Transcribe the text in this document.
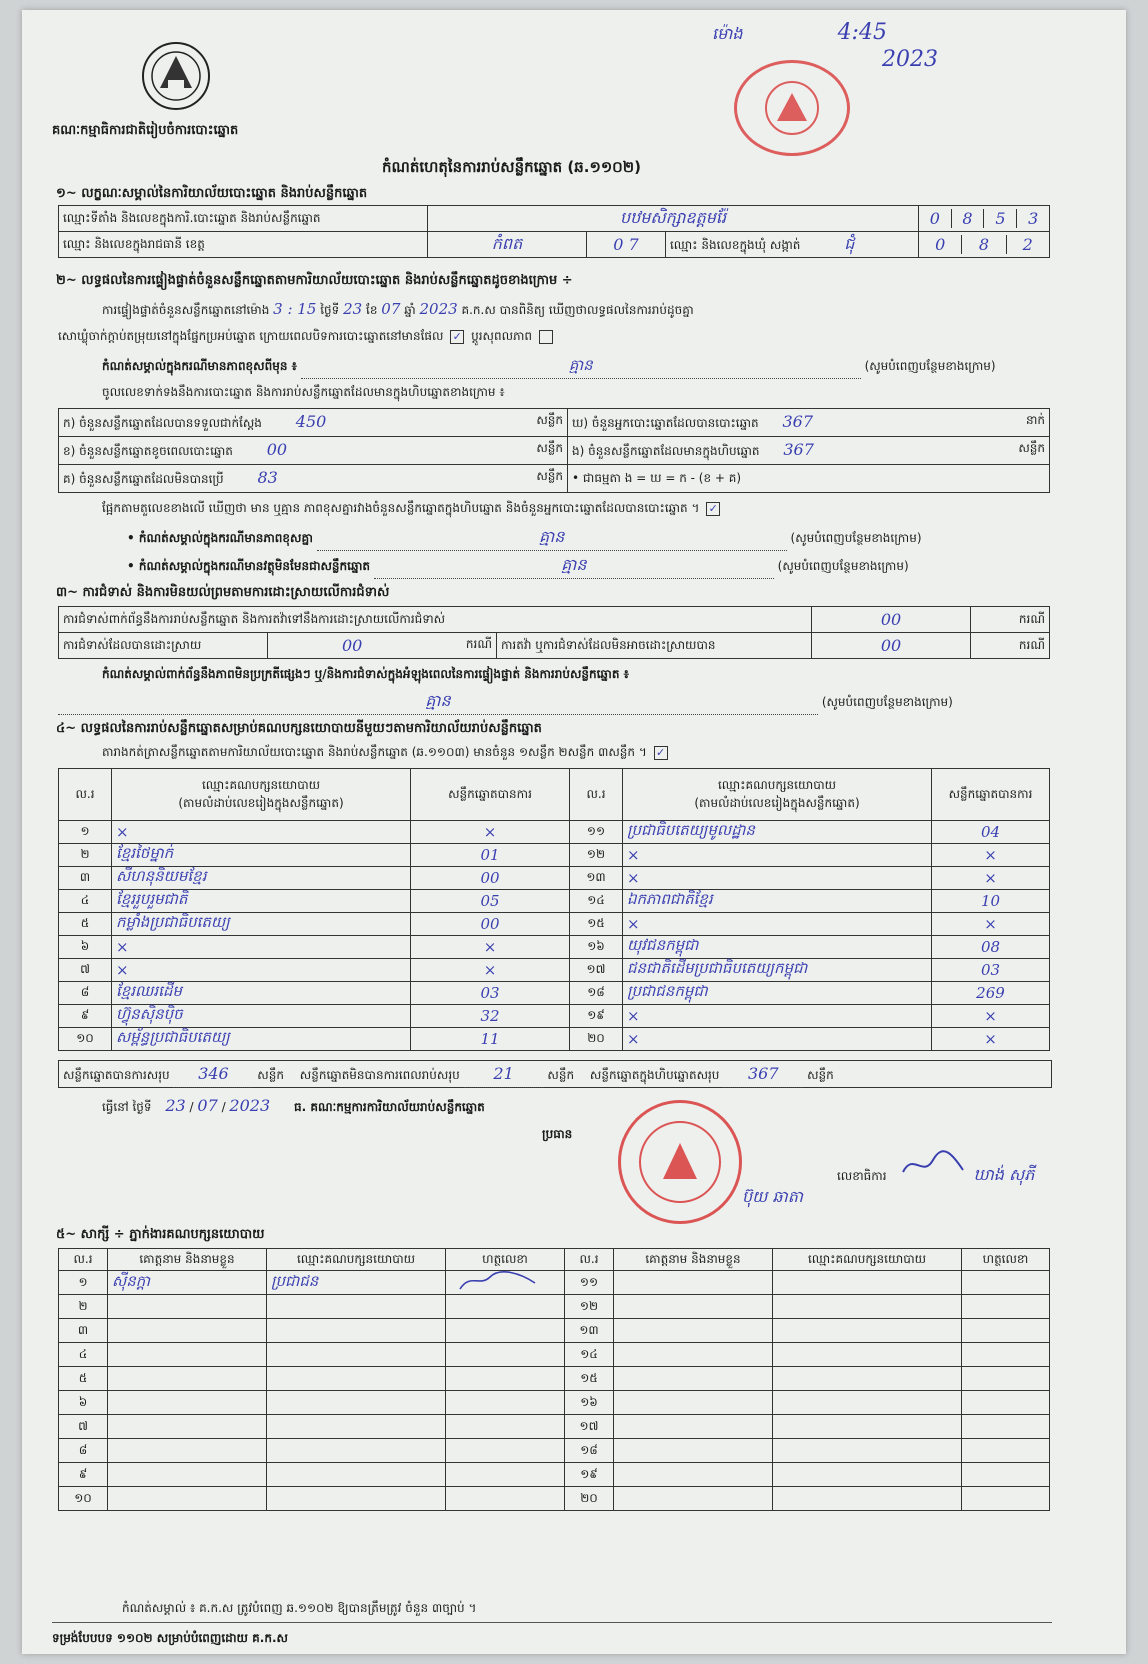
គណៈ​កម្មាធិការជាតិរៀបចំការបោះឆ្នោត
ម៉ោង	4:45
2023
កំណត់ហេតុនៃការរាប់សន្លឹកឆ្នោត (ឆ.១១០២)
១~ លក្ខណៈសម្គាល់នៃការិយាល័យបោះឆ្នោត និងរាប់សន្លឹកឆ្នោត
ឈ្មោះទីតាំង និងលេខក្នុងការិ.បោះឆ្នោត និងរាប់សន្លឹកឆ្នោត	បឋមសិក្សាឧត្តមរ៉ែ		0	8	5	3

ឈ្មោះ និងលេខក្នុងរាជធានី ខេត្ត	កំពត	0 7	ឈ្មោះ និងលេខក្នុងឃុំ សង្កាត់	ជុំ		0	8	2
២~ លទ្ធផលនៃការផ្ទៀងផ្ទាត់ចំនួនសន្លឹកឆ្នោតតាមការិយាល័យបោះឆ្នោត និងរាប់សន្លឹកឆ្នោតដូចខាងក្រោម ÷
ការផ្ទៀងផ្ទាត់ចំនួនសន្លឹកឆ្នោតនៅម៉ោង 3 : 15 ថ្ងៃទី 23 ខែ 07 ឆ្នាំ 2023 គ.ក.ស បានពិនិត្យ ឃើញថាលទ្ធផលនៃការរាប់ដូចគ្នា
សោឃ្លុំចាក់ក្ដាប់តម្រុយនៅក្នុងផ្នែកប្រអប់ឆ្នោត ក្រោយពេលបិទការបោះឆ្នោតនៅមានផែល ✓ ប្ដូរសុពលភាព
កំណត់សម្គាល់ក្នុងករណីមានភាពខុសពីមុន ៖	គ្មាន	(សូមបំពេញបន្ថែមខាងក្រោម)
ចូលលេខទាក់ទងនឹងការបោះឆ្នោត និងការរាប់សន្លឹកឆ្នោតដែលមានក្នុងហិបឆ្នោតខាងក្រោម ៖
ក) ចំនួនសន្លឹកឆ្នោតដែលបានទទួលជាក់ស្តែង 450 សន្លឹក	ឃ) ចំនួនអ្នកបោះឆ្នោតដែលបានបោះឆ្នោត 367 នាក់

ខ) ចំនួនសន្លឹកឆ្នោតខូចពេលបោះឆ្នោត 00 សន្លឹក	ង) ចំនួនសន្លឹកឆ្នោតដែលមានក្នុងហិបឆ្នោត 367 សន្លឹក

គ) ចំនួនសន្លឹកឆ្នោតដែលមិនបានប្រើ 83 សន្លឹក	• ជាធម្មតា ង = ឃ = ក - (ខ + គ)
ផ្អែកតាមតួលេខខាងលើ ឃើញថា មាន ឬគ្មាន ភាពខុសគ្នារវាងចំនួនសន្លឹកឆ្នោតក្នុងហិបឆ្នោត និងចំនួនអ្នកបោះឆ្នោតដែលបានបោះឆ្នោត ។ ✓
• កំណត់សម្គាល់ក្នុងករណីមានភាពខុសគ្នា	គ្មាន	(សូមបំពេញបន្ថែមខាងក្រោម)
• កំណត់សម្គាល់ក្នុងករណីមានវត្ថុមិនមែនជាសន្លឹកឆ្នោត	គ្មាន	(សូមបំពេញបន្ថែមខាងក្រោម)
៣~ ការជំទាស់ និងការមិនយល់ព្រមតាមការដោះស្រាយលើការជំទាស់
ការជំទាស់ពាក់ព័ន្ធនឹងការរាប់សន្លឹកឆ្នោត និងការតវ៉ាទៅនឹងការដោះស្រាយលើការជំទាស់			00	ករណី
ការជំទាស់ដែលបានដោះស្រាយ	00 ករណី	ការតវ៉ា ឬការជំទាស់ដែលមិនអាចដោះស្រាយបាន	00	ករណី
កំណត់សម្គាល់ពាក់ព័ន្ធនឹងភាពមិនប្រក្រតីផ្សេងៗ ឬ/និងការជំទាស់ក្នុងអំឡុងពេលនៃការផ្ទៀងផ្ទាត់ និងការរាប់សន្លឹកឆ្នោត ៖
គ្មាន	(សូមបំពេញបន្ថែមខាងក្រោម)
៤~ លទ្ធផលនៃការរាប់សន្លឹកឆ្នោតសម្រាប់គណបក្សនយោបាយនីមួយៗតាមការិយាល័យរាប់សន្លឹកឆ្នោត
តារាងកត់ត្រាសន្លឹកឆ្នោតតាមការិយាល័យបោះឆ្នោត និងរាប់សន្លឹកឆ្នោត (ឆ.១១០៣) មានចំនួន ១សន្លឹក ២សន្លឹក ៣សន្លឹក ។ ✓
ល.រ	ឈ្មោះគណបក្សនយោបាយ
(តាមលំដាប់លេខរៀងក្នុងសន្លឹកឆ្នោត)	សន្លឹកឆ្នោតបានការ	ល.រ	ឈ្មោះគណបក្សនយោបាយ
(តាមលំដាប់លេខរៀងក្នុងសន្លឹកឆ្នោត)	សន្លឹកឆ្នោតបានការ
១	×	×	១១	ប្រជាធិបតេយ្យមូលដ្ឋាន	04
២	ខ្មែរថៃម្នាក់	01	១២	×	×
៣	សីហនុនិយមខ្មែរ	00	១៣	×	×
៤	ខ្មែររួបរួមជាតិ	05	១៤	ឯកភាពជាតិខ្មែរ	10
៥	កម្លាំងប្រជាធិបតេយ្យ	00	១៥	×	×
៦	×	×	១៦	យុវជនកម្ពុជា	08
៧	×	×	១៧	ជនជាតិដើមប្រជាធិបតេយ្យកម្ពុជា	03
៨	ខ្មែរឈរដើម	03	១៨	ប្រជាជនកម្ពុជា	269
៩	ហ៊្វុនស៊ិនប៉ិច	32	១៩	×	×
១០	សម្ព័ន្ធប្រជាធិបតេយ្យ	11	២០	×	×
សន្លឹកឆ្នោតបានការសរុប 346 សន្លឹក សន្លឹកឆ្នោតមិនបានការពេលរាប់សរុប 21	សន្លឹក សន្លឹកឆ្នោតក្នុងហិបឆ្នោតសរុប 367 សន្លឹក
ធ្វើនៅ ថ្ងៃទី 23 / 07 / 2023 ធ. គណៈកម្មការការិយាល័យរាប់សន្លឹកឆ្នោត
ប្រធាន
លេខាធិការ	ឃាង់ សុភី
ប៊ុយ ឆាតា
៥~ សាក្សី ÷ ភ្នាក់ងារគណបក្សនយោបាយ
ល.រ	គោត្តនាម និងនាមខ្លួន	ឈ្មោះគណបក្សនយោបាយ	ហត្ថលេខា	ល.រ	គោត្តនាម និងនាមខ្លួន	ឈ្មោះគណបក្សនយោបាយ	ហត្ថលេខា
១	ស៊ីនក្ដា	ប្រជាជន		១១			
២				១២			
៣				១៣			
៤				១៤			
៥				១៥			
៦				១៦			
៧				១៧			
៨				១៨			
៩				១៩			
១០				២០			
កំណត់សម្គាល់ ៖ គ.ក.ស ត្រូវបំពេញ ឆ.១១០២ ឱ្យបានត្រឹមត្រូវ ចំនួន ៣ច្បាប់ ។
ទម្រង់បែបបទ ១១០២ សម្រាប់បំពេញដោយ គ.ក.ស
